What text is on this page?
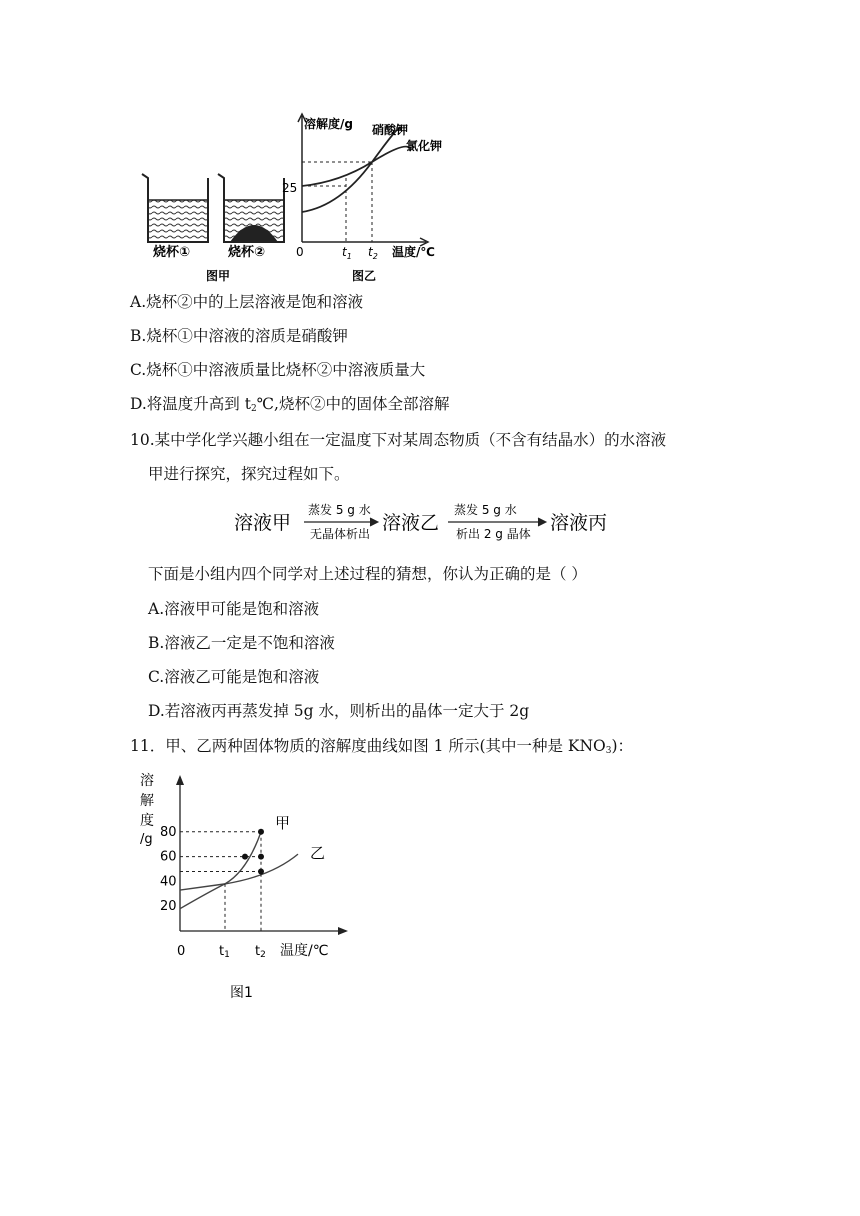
烧杯①	烧杯②
图甲
溶解度/g 硝酸钾
氯化钾
25
0	$t_1$ $t_2$ 温度/℃
图乙
A.烧杯②中的上层溶液是饱和溶液
B.烧杯①中溶液的溶质是硝酸钾
C.烧杯①中溶液质量比烧杯②中溶液质量大
D.将温度升高到 $t_2℃$,烧杯②中的固体全部溶解
10.某中学化学兴趣小组在一定温度下对某周态物质（不含有结晶水）的水溶液
甲进行探究，探究过程如下。
溶液甲
蒸发 5 g 水
无晶体析出 溶液乙
蒸发 5 g 水
析出 2 g 晶体 溶液丙
下面是小组内四个同学对上述过程的猜想，你认为正确的是（ ）
A.溶液甲可能是饱和溶液
B.溶液乙一定是不饱和溶液
C.溶液乙可能是饱和溶液
D.若溶液丙再蒸发掉 5g 水，则析出的晶体一定大于 2g
11．甲、乙两种固体物质的溶解度曲线如图 1 所示(其中一种是 $KNO_3$)：
溶
解
度
/g
20
40
60
80
0	t1 t2 温度/℃
甲
乙
图1
